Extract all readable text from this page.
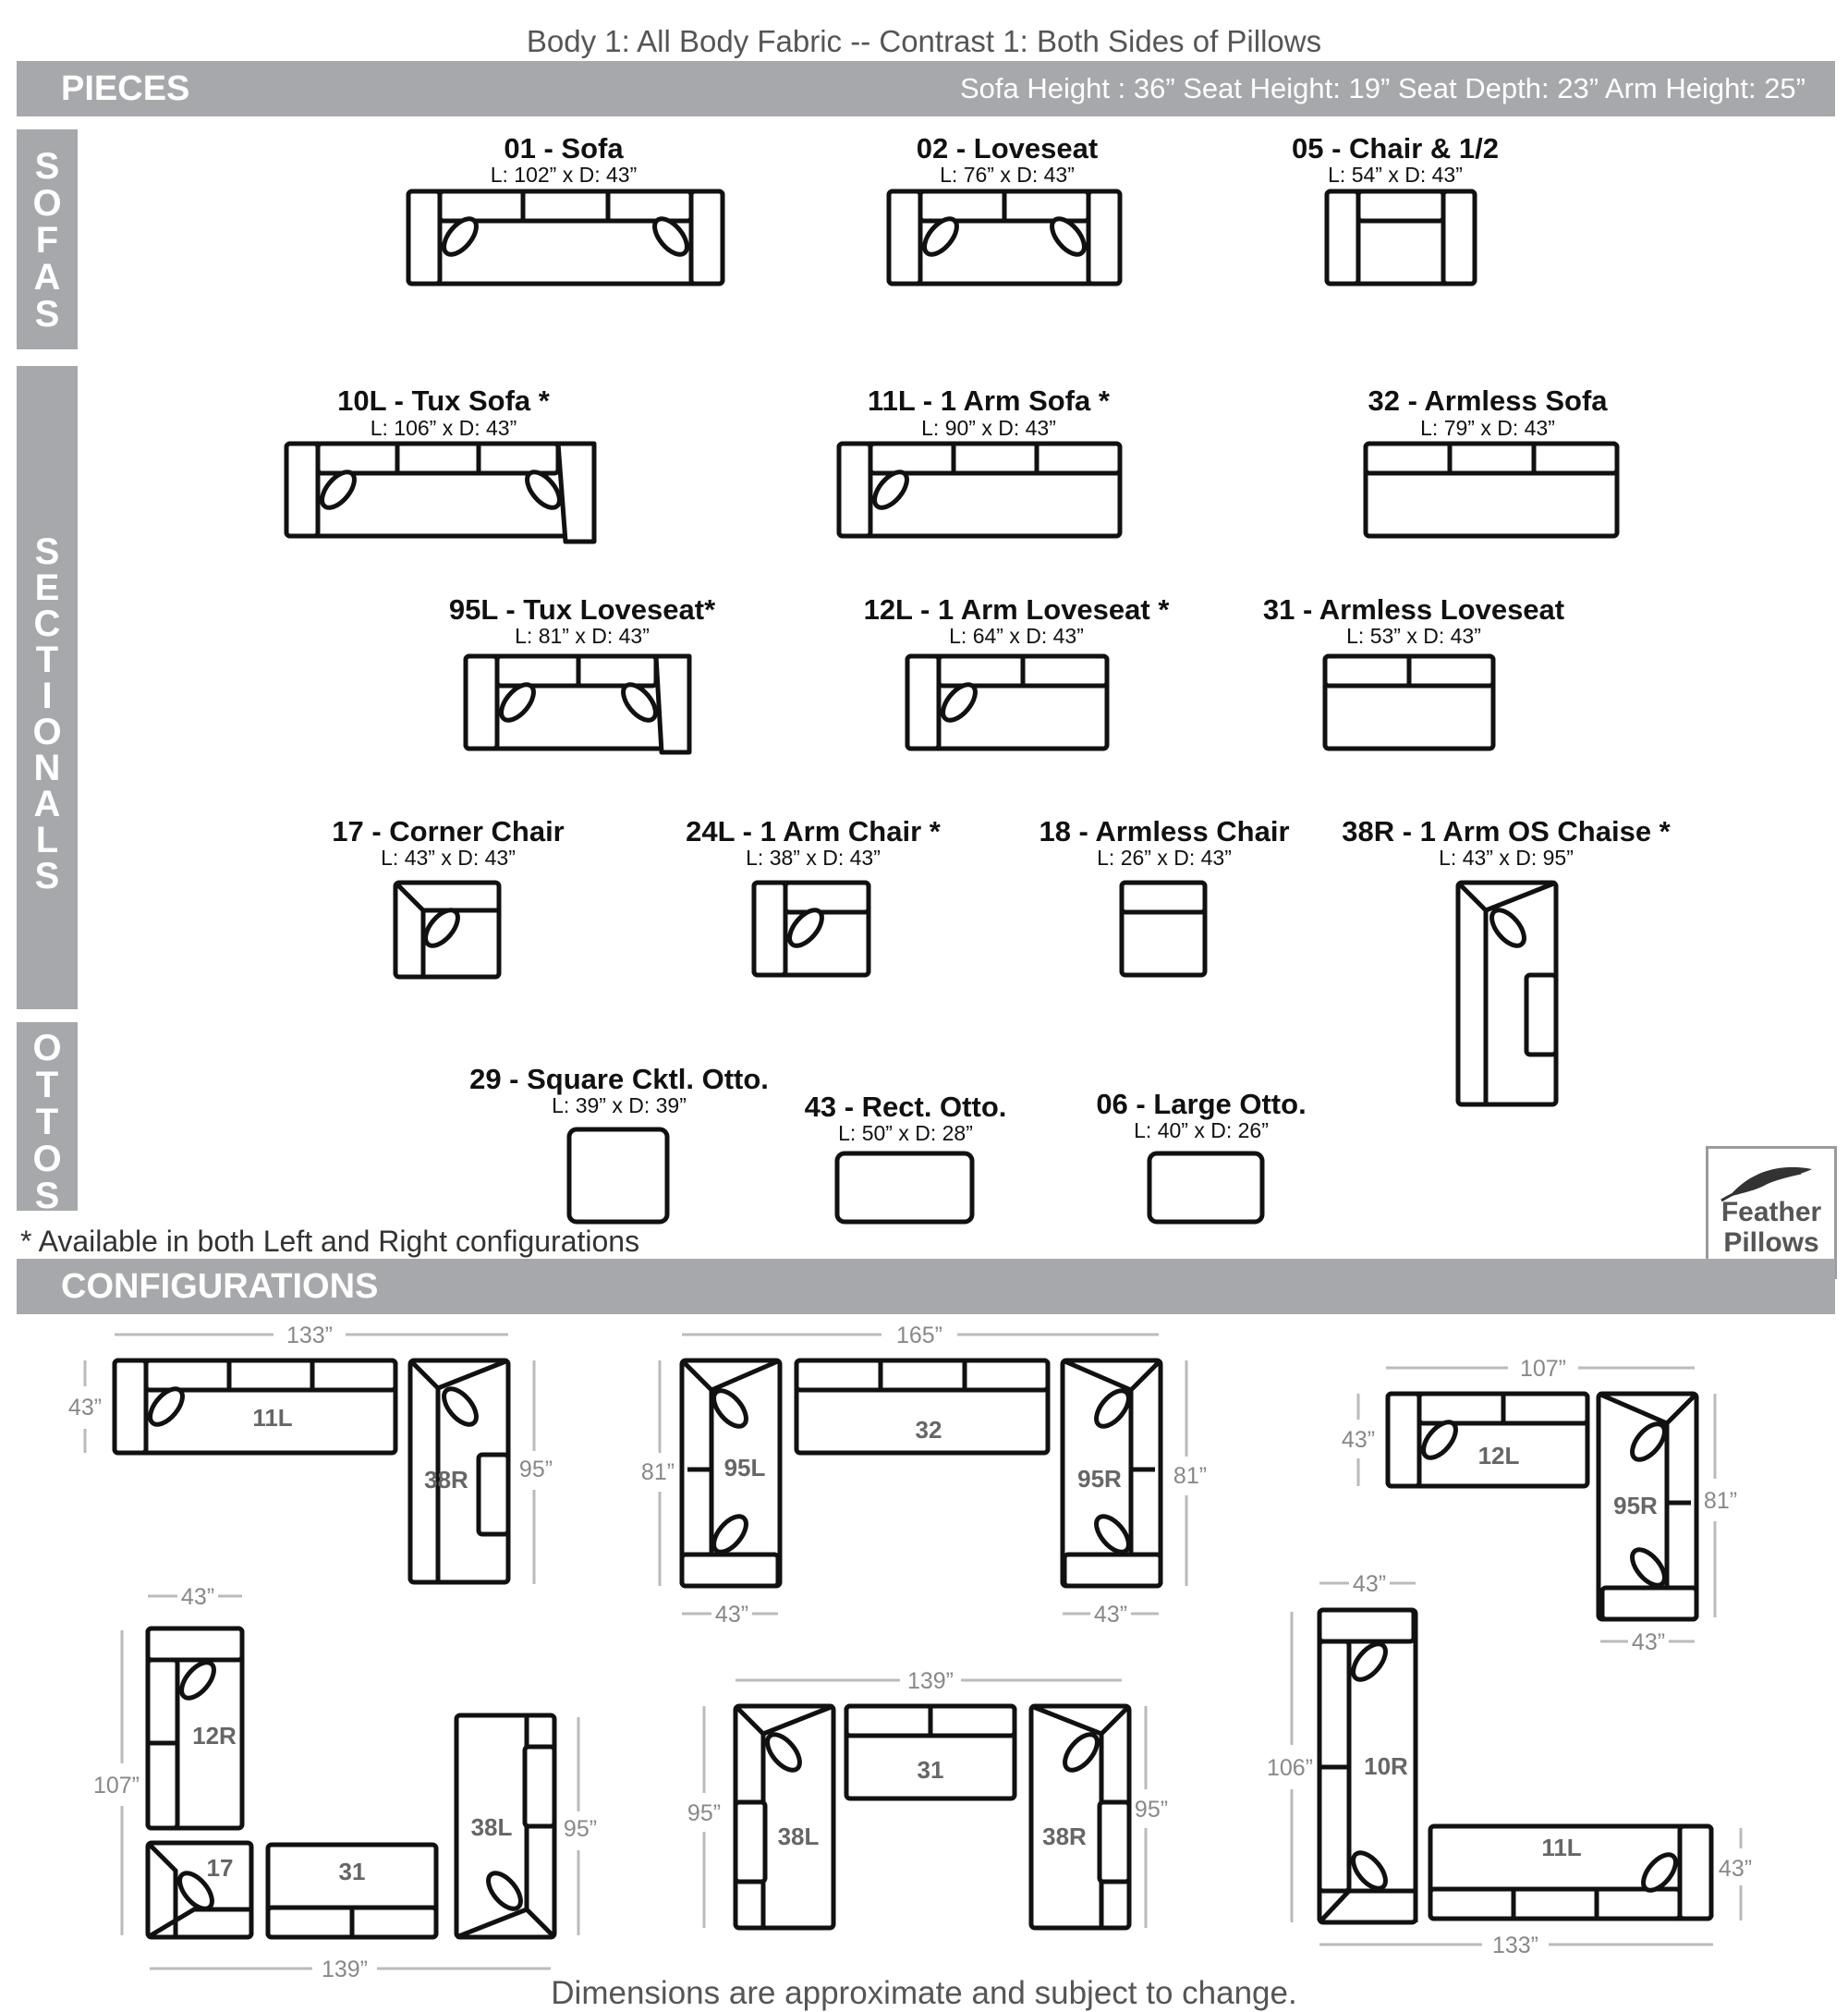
Body 1: All Body Fabric -- Contrast 1: Both Sides of Pillows
PIECES	Sofa Height : 36” Seat Height: 19” Seat Depth: 23” Arm Height: 25”
S
O
F
A
S
S
E
C
T
I
O
N
A
L
S
O
T
T
O
S
01 - Sofa
L: 102” x D: 43”
02 - Loveseat
L: 76” x D: 43”
05 - Chair & 1/2
L: 54” x D: 43”
10L - Tux Sofa *
L: 106” x D: 43”
11L - 1 Arm Sofa *
L: 90” x D: 43”
32 - Armless Sofa
L: 79” x D: 43”
95L - Tux Loveseat*
L: 81” x D: 43”
12L - 1 Arm Loveseat *
L: 64” x D: 43”
31 - Armless Loveseat
L: 53” x D: 43”
17 - Corner Chair
L: 43” x D: 43”
24L - 1 Arm Chair *
L: 38” x D: 43”
18 - Armless Chair
L: 26” x D: 43”
38R - 1 Arm OS Chaise *
L: 43” x D: 95”
29 - Square Cktl. Otto.
L: 39” x D: 39”	43 - Rect. Otto.
L: 50” x D: 28”
06 - Large Otto.
L: 40” x D: 26”
* Available in both Left and Right configurations
Feather
Pillows
CONFIGURATIONS
Dimensions are approximate and subject to change.
133”
43”
95”
11L
38R
165”
81”	81”
43”	43”
95L
32
95R
107”
43”
81”
43”
12L
95R
43”
107”
95”
139”
12R
17	31
38L
139”
95”	95”
38L
31
38R
43”
106”
43”
133”
10R
11L
